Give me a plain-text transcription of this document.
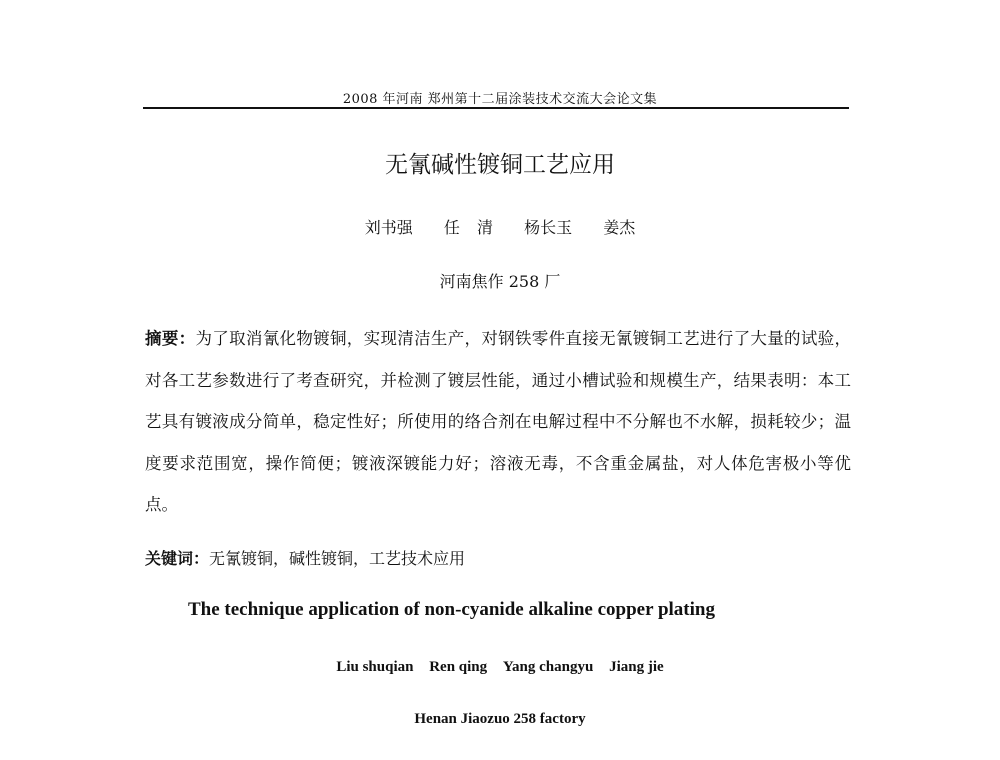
2008 年河南 郑州第十二届涂装技术交流大会论文集
无氰碱性镀铜工艺应用
刘书强 任 清 杨长玉 姜杰
河南焦作 258 厂

摘要：为了取消氰化物镀铜，实现清洁生产，对钢铁零件直接无氰镀铜工艺进行了大量的试验，对各工艺参数进行了考查研究，并检测了镀层性能，通过小槽试验和规模生产，结果表明：本工艺具有镀液成分简单，稳定性好；所使用的络合剂在电解过程中不分解也不水解，损耗较少；温度要求范围宽，操作简便；镀液深镀能力好；溶液无毒，不含重金属盐，对人体危害极小等优点。

关键词：无氰镀铜，碱性镀铜，工艺技术应用
The technique application of non-cyanide alkaline copper plating
Liu shuqian Ren qing Yang changyu Jiang jie
Henan Jiaozuo 258 factory
